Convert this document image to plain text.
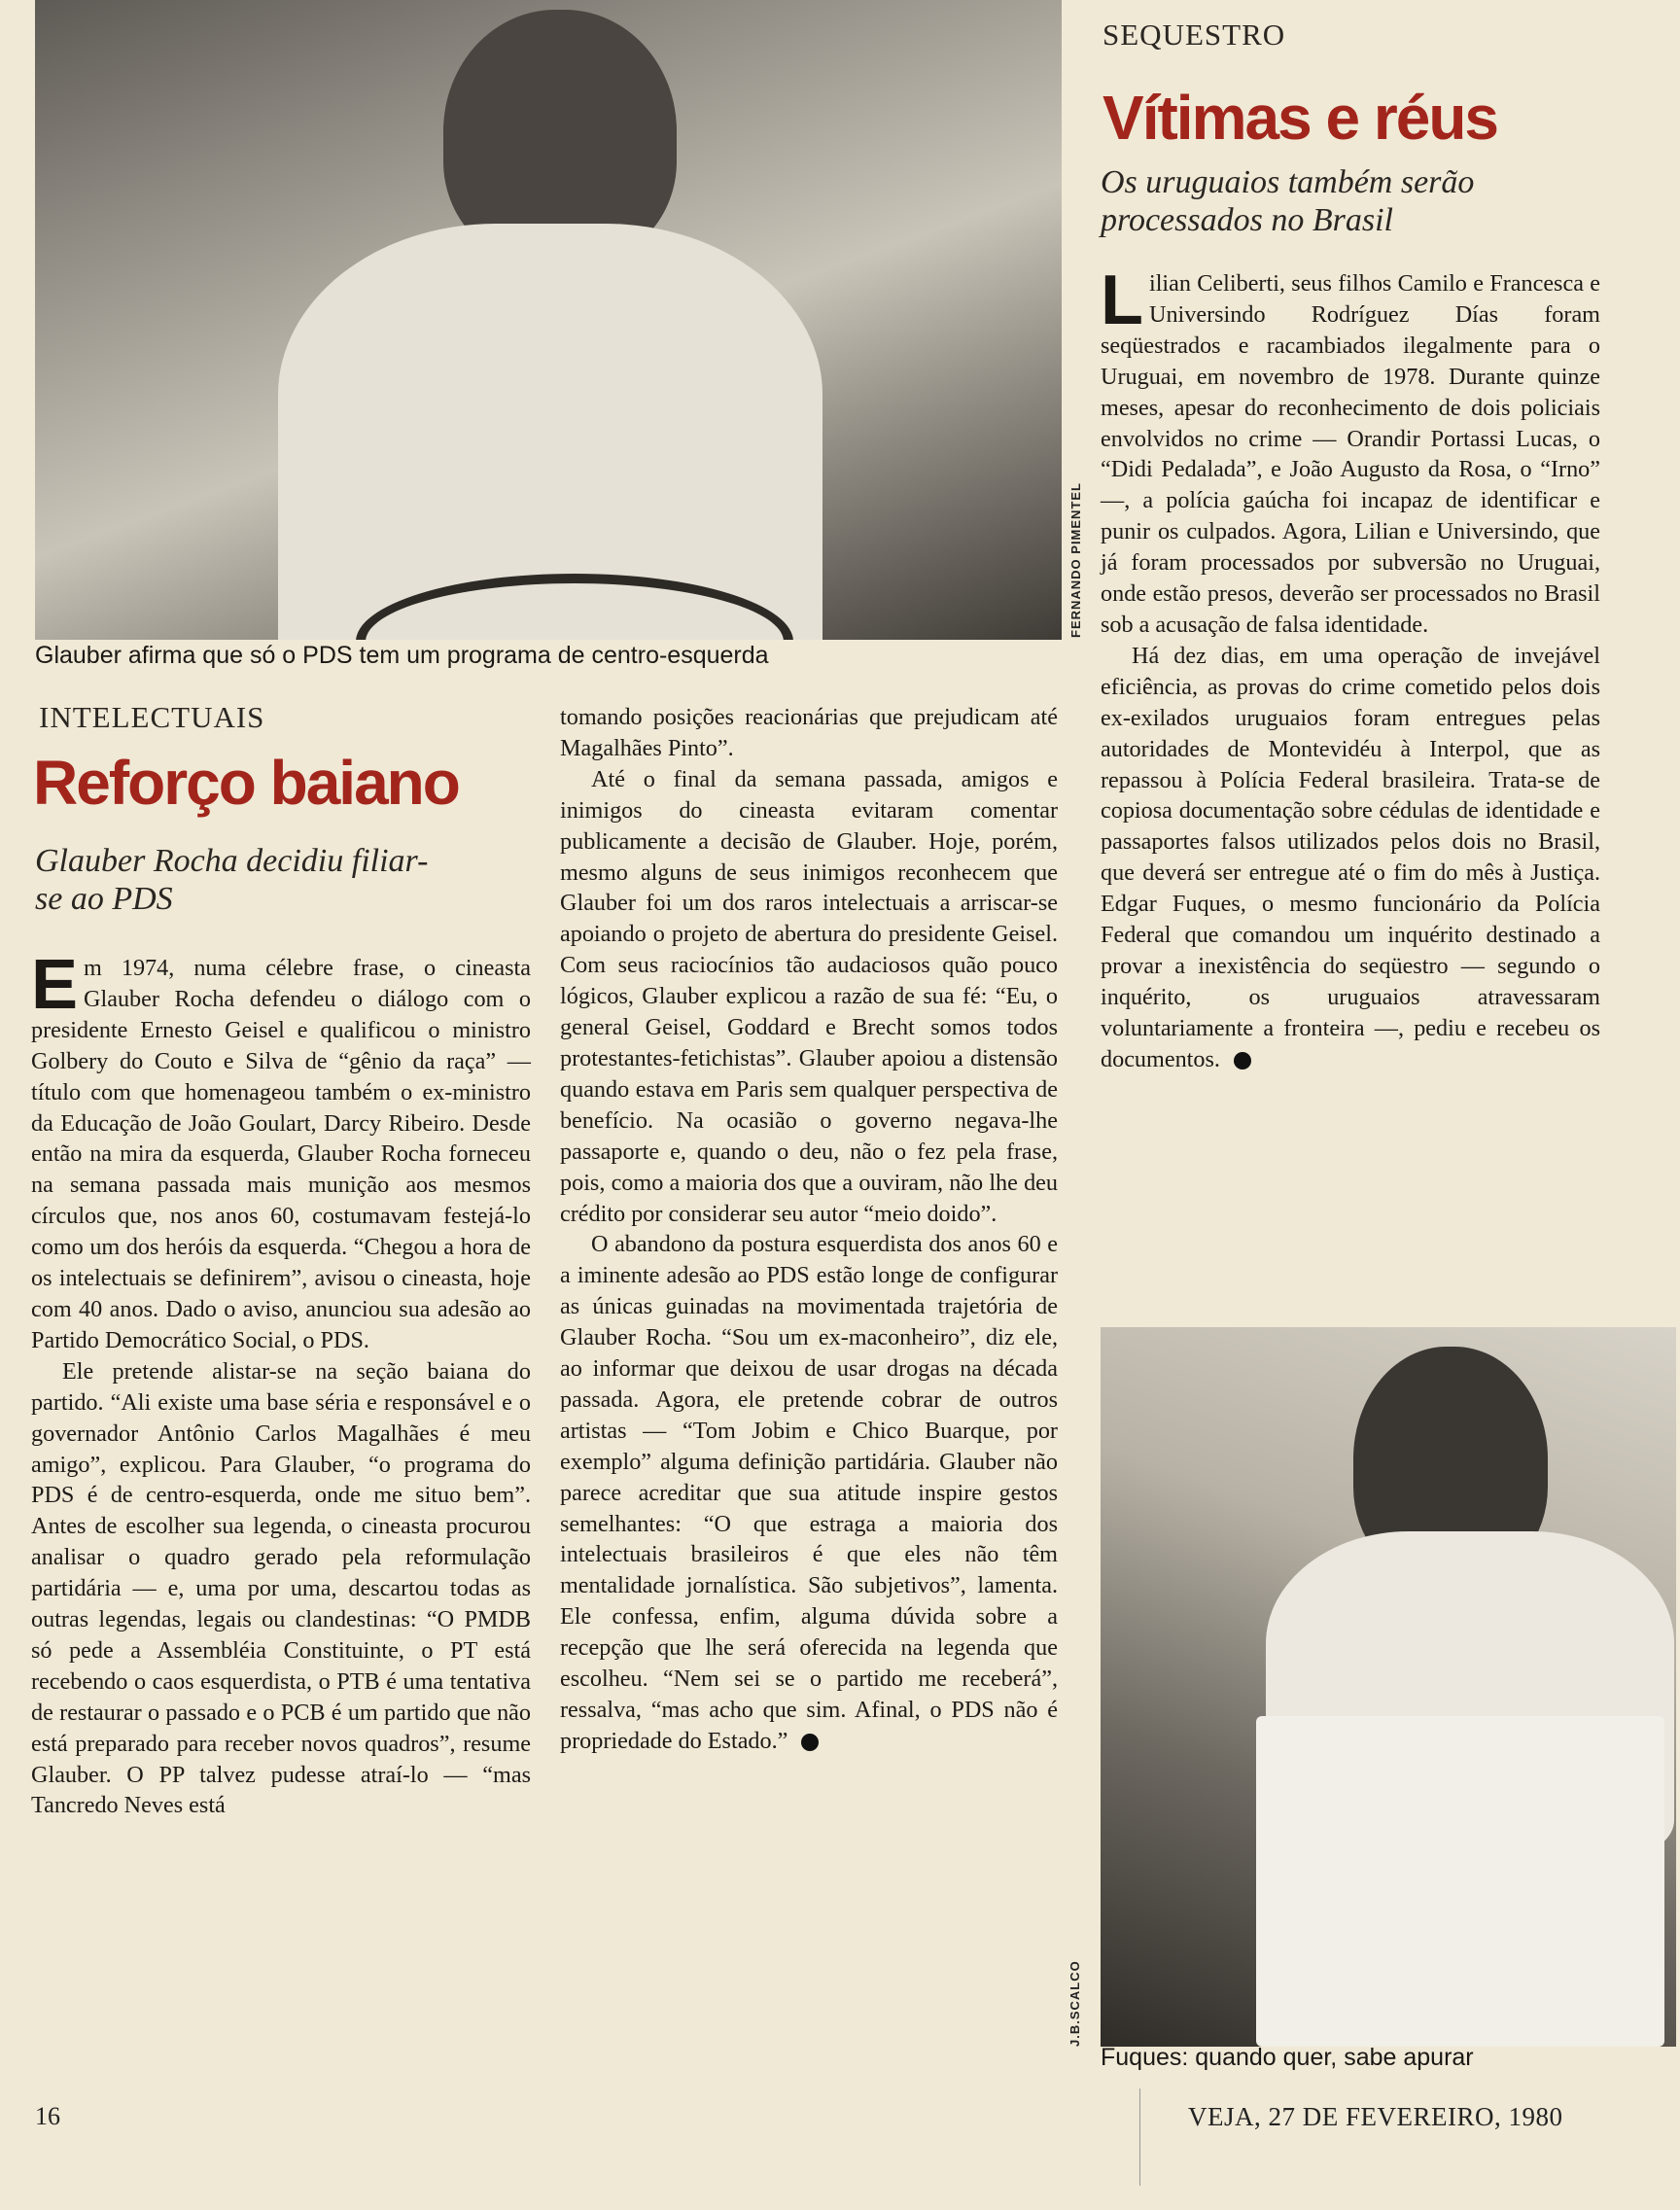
FERNANDO PIMENTEL
Glauber afirma que só o PDS tem um programa de centro-esquerda
INTELECTUAIS
Reforço baiano
Glauber Rocha decidiu filiar-se ao PDS

Em 1974, numa célebre frase, o cineasta Glauber Rocha defendeu o diálogo com o presidente Ernesto Geisel e qualificou o ministro Golbery do Couto e Silva de “gênio da raça” — título com que homenageou também o ex-ministro da Educação de João Goulart, Darcy Ribeiro. Desde então na mira da esquerda, Glauber Rocha forneceu na semana passada mais munição aos mesmos círculos que, nos anos 60, costumavam festejá-lo como um dos heróis da esquerda. “Chegou a hora de os intelectuais se definirem”, avisou o cineasta, hoje com 40 anos. Dado o aviso, anunciou sua adesão ao Partido Democrático Social, o PDS.

Ele pretende alistar-se na seção baiana do partido. “Ali existe uma base séria e responsável e o governador Antônio Carlos Magalhães é meu amigo”, explicou. Para Glauber, “o programa do PDS é de centro-esquerda, onde me situo bem”. Antes de escolher sua legenda, o cineasta procurou analisar o quadro gerado pela reformulação partidária — e, uma por uma, descartou todas as outras legendas, legais ou clandestinas: “O PMDB só pede a Assembléia Constituinte, o PT está recebendo o caos esquerdista, o PTB é uma tentativa de restaurar o passado e o PCB é um partido que não está preparado para receber novos quadros”, resume Glauber. O PP talvez pudesse atraí-lo — “mas Tancredo Neves está

tomando posições reacionárias que prejudicam até Magalhães Pinto”.

Até o final da semana passada, amigos e inimigos do cineasta evitaram comentar publicamente a decisão de Glauber. Hoje, porém, mesmo alguns de seus inimigos reconhecem que Glauber foi um dos raros intelectuais a arriscar-se apoiando o projeto de abertura do presidente Geisel. Com seus raciocínios tão audaciosos quão pouco lógicos, Glauber explicou a razão de sua fé: “Eu, o general Geisel, Goddard e Brecht somos todos protestantes-fetichistas”. Glauber apoiou a distensão quando estava em Paris sem qualquer perspectiva de benefício. Na ocasião o governo negava-lhe passaporte e, quando o deu, não o fez pela frase, pois, como a maioria dos que a ouviram, não lhe deu crédito por considerar seu autor “meio doido”.

O abandono da postura esquerdista dos anos 60 e a iminente adesão ao PDS estão longe de configurar as únicas guinadas na movimentada trajetória de Glauber Rocha. “Sou um ex-maconheiro”, diz ele, ao informar que deixou de usar drogas na década passada. Agora, ele pretende cobrar de outros artistas — “Tom Jobim e Chico Buarque, por exemplo” alguma definição partidária. Glauber não parece acreditar que sua atitude inspire gestos semelhantes: “O que estraga a maioria dos intelectuais brasileiros é que eles não têm mentalidade jornalística. São subjetivos”, lamenta. Ele confessa, enfim, alguma dúvida sobre a recepção que lhe será oferecida na legenda que escolheu. “Nem sei se o partido me receberá”, ressalva, “mas acho que sim. Afinal, o PDS não é propriedade do Estado.”

SEQUESTRO
Vítimas e réus
Os uruguaios também serão processados no Brasil

Lilian Celiberti, seus filhos Camilo e Francesca e Universindo Rodríguez Días foram seqüestrados e racambiados ilegalmente para o Uruguai, em novembro de 1978. Durante quinze meses, apesar do reconhecimento de dois policiais envolvidos no crime — Orandir Portassi Lucas, o “Didi Pedalada”, e João Augusto da Rosa, o “Irno” —, a polícia gaúcha foi incapaz de identificar e punir os culpados. Agora, Lilian e Universindo, que já foram processados por subversão no Uruguai, onde estão presos, deverão ser processados no Brasil sob a acusação de falsa identidade.

Há dez dias, em uma operação de invejável eficiência, as provas do crime cometido pelos dois ex-exilados uruguaios foram entregues pelas autoridades de Montevidéu à Interpol, que as repassou à Polícia Federal brasileira. Trata-se de copiosa documentação sobre cédulas de identidade e passaportes falsos utilizados pelos dois no Brasil, que deverá ser entregue até o fim do mês à Justiça. Edgar Fuques, o mesmo funcionário da Polícia Federal que comandou um inquérito destinado a provar a inexistência do seqüestro — segundo o inquérito, os uruguaios atravessaram voluntariamente a fronteira —, pediu e recebeu os documentos.

J.B.SCALCO
Fuques: quando quer, sabe apurar
16	VEJA, 27 DE FEVEREIRO, 1980
